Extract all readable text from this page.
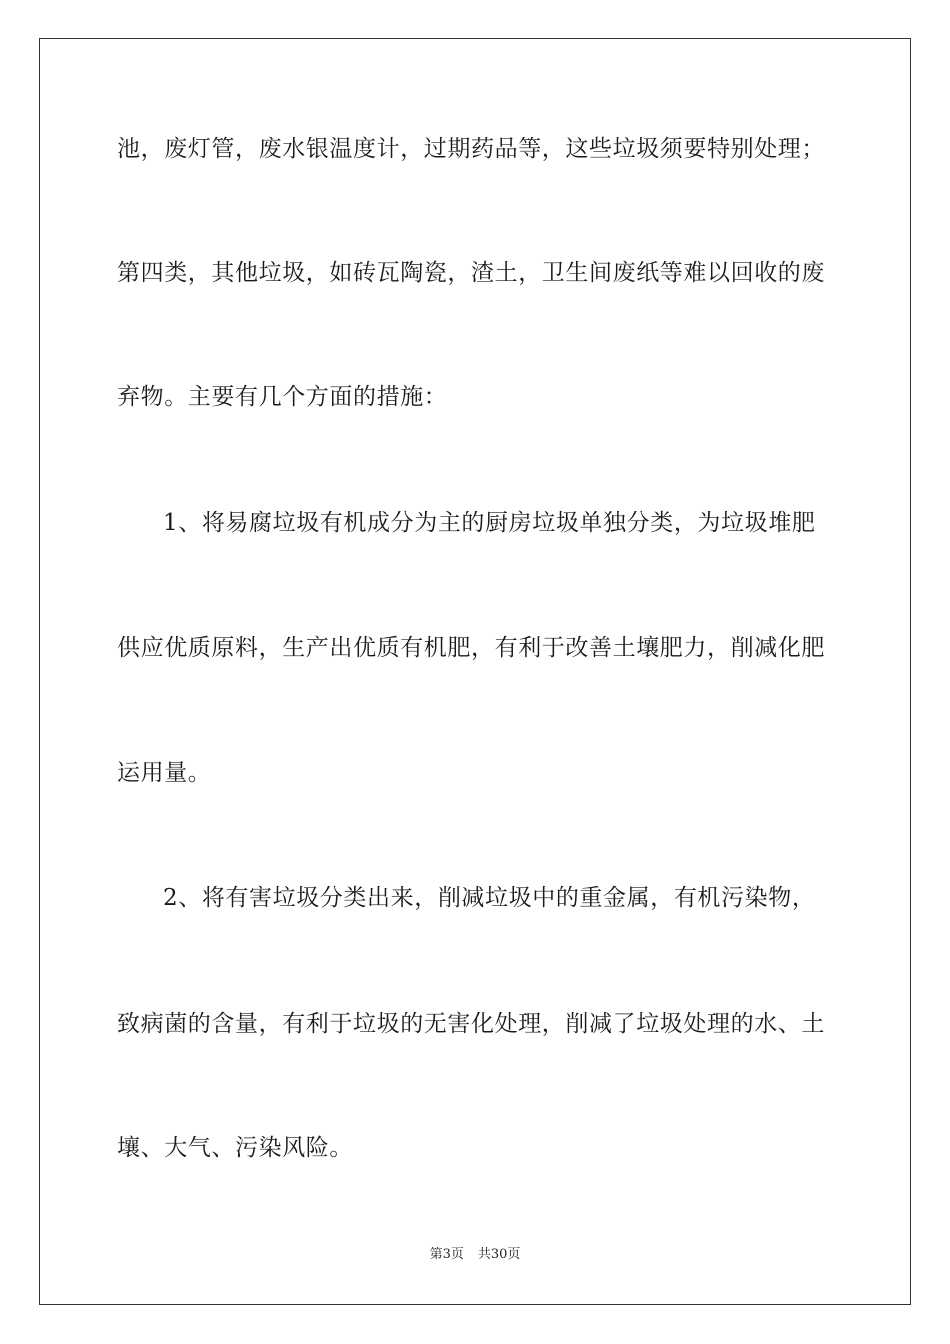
池，废灯管，废水银温度计，过期药品等，这些垃圾须要特别处理；
第四类，其他垃圾，如砖瓦陶瓷，渣土，卫生间废纸等难以回收的废
弃物。主要有几个方面的措施：
1、将易腐垃圾有机成分为主的厨房垃圾单独分类，为垃圾堆肥
供应优质原料，生产出优质有机肥，有利于改善土壤肥力，削减化肥
运用量。
2、将有害垃圾分类出来，削减垃圾中的重金属，有机污染物，
致病菌的含量，有利于垃圾的无害化处理，削减了垃圾处理的水、土
壤、大气、污染风险。
第3页 共30页
